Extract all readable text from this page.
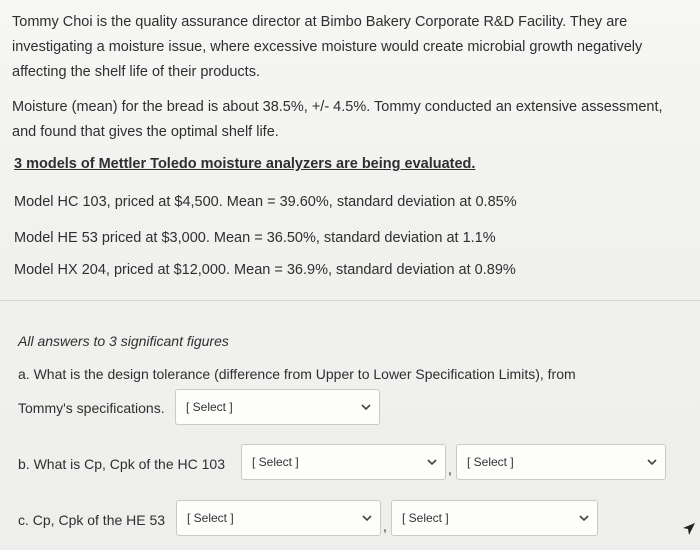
Tommy Choi is the quality assurance director at Bimbo Bakery Corporate R&D Facility. They are investigating a moisture issue, where excessive moisture would create microbial growth negatively affecting the shelf life of their products.
Moisture (mean) for the bread is about 38.5%, +/- 4.5%. Tommy conducted an extensive assessment, and found that gives the optimal shelf life.
3 models of Mettler Toledo moisture analyzers are being evaluated.
Model HC 103, priced at $4,500. Mean = 39.60%, standard deviation at 0.85%
Model HE 53 priced at $3,000. Mean = 36.50%, standard deviation at 1.1%
Model HX 204, priced at $12,000. Mean = 36.9%, standard deviation at 0.89%
All answers to 3 significant figures
a. What is the design tolerance (difference from Upper to Lower Specification Limits), from
Tommy's specifications. [ Select ]
b. What is Cp, Cpk of the HC 103 [ Select ]	, [ Select ]
c. Cp, Cpk of the HE 53 [ Select ]	, [ Select ]
